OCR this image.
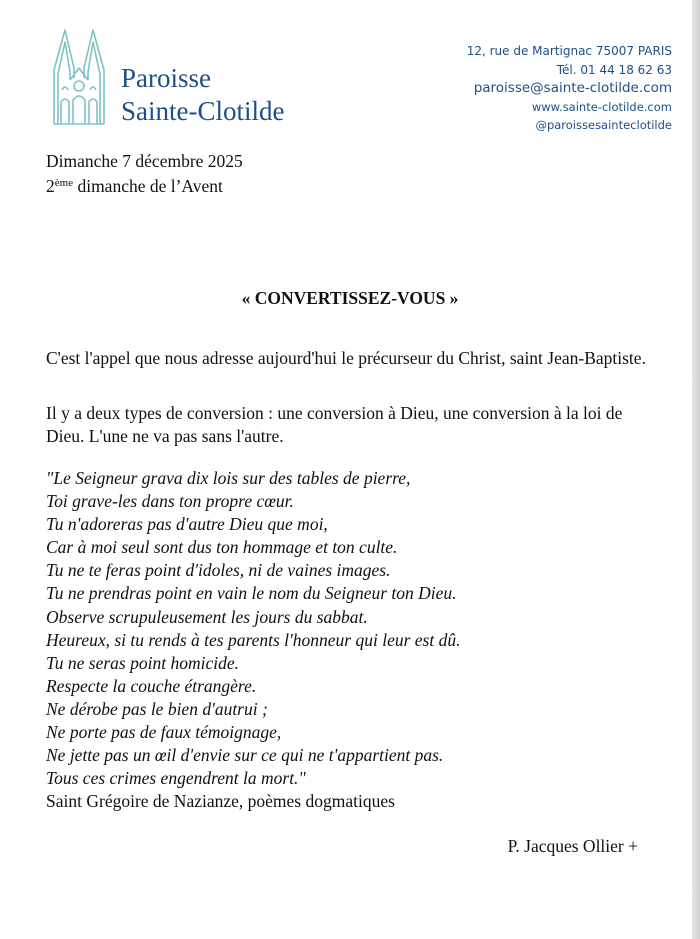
Paroisse
Sainte-Clotilde
12, rue de Martignac 75007 PARIS
Tél. 01 44 18 62 63
paroisse@sainte-clotilde.com
www.sainte-clotilde.com
@paroissesainteclotilde
Dimanche 7 décembre 2025
2ème dimanche de l’Avent
« CONVERTISSEZ-VOUS »

C'est l'appel que nous adresse aujourd'hui le précurseur du Christ, saint Jean-Baptiste.

Il y a deux types de conversion : une conversion à Dieu, une conversion à la loi de Dieu. L'une ne va pas sans l'autre.

"Le Seigneur grava dix lois sur des tables de pierre,
Toi grave-les dans ton propre cœur.
Tu n'adoreras pas d'autre Dieu que moi,
Car à moi seul sont dus ton hommage et ton culte.
Tu ne te feras point d'idoles, ni de vaines images.
Tu ne prendras point en vain le nom du Seigneur ton Dieu.
Observe scrupuleusement les jours du sabbat.
Heureux, si tu rends à tes parents l'honneur qui leur est dû.
Tu ne seras point homicide.
Respecte la couche étrangère.
Ne dérobe pas le bien d'autrui ;
Ne porte pas de faux témoignage,
Ne jette pas un œil d'envie sur ce qui ne t'appartient pas.
Tous ces crimes engendrent la mort."
Saint Grégoire de Nazianze, poèmes dogmatiques
P. Jacques Ollier +
